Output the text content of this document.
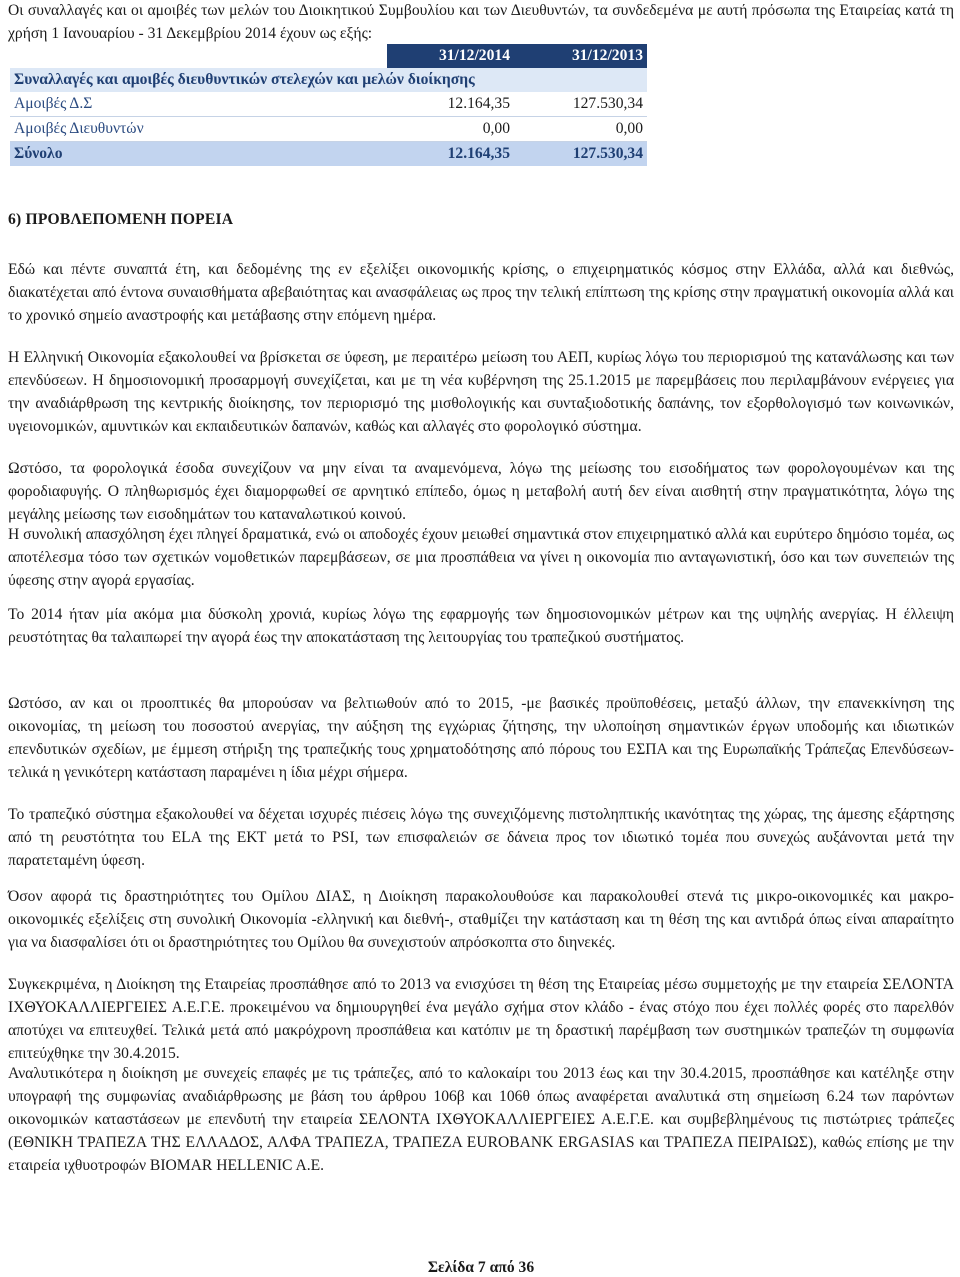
Οι συναλλαγές και οι αμοιβές των μελών του Διοικητικού Συμβουλίου και των Διευθυντών, τα συνδεδεμένα με αυτή πρόσωπα της Εταιρείας κατά τη χρήση 1 Ιανουαρίου - 31 Δεκεμβρίου 2014 έχουν ως εξής:

	31/12/2014	31/12/2013
Συναλλαγές και αμοιβές διευθυντικών στελεχών και μελών διοίκησης		
Αμοιβές Δ.Σ	12.164,35	127.530,34
Αμοιβές Διευθυντών	0,00	0,00
Σύνολο	12.164,35	127.530,34
6) ΠΡΟΒΛΕΠΟΜΕΝΗ ΠΟΡΕΙΑ

Εδώ και πέντε συναπτά έτη, και δεδομένης της εν εξελίξει οικονομικής κρίσης, ο επιχειρηματικός κόσμος στην Ελλάδα, αλλά και διεθνώς, διακατέχεται από έντονα συναισθήματα αβεβαιότητας και ανασφάλειας ως προς την τελική επίπτωση της κρίσης στην πραγματική οικονομία αλλά και το χρονικό σημείο αναστροφής και μετάβασης στην επόμενη ημέρα.

Η Ελληνική Οικονομία εξακολουθεί να βρίσκεται σε ύφεση, με περαιτέρω μείωση του ΑΕΠ, κυρίως λόγω του περιορισμού της κατανάλωσης και των επενδύσεων. Η δημοσιονομική προσαρμογή συνεχίζεται, και με τη νέα κυβέρνηση της 25.1.2015 με παρεμβάσεις που περιλαμβάνουν ενέργειες για την αναδιάρθρωση της κεντρικής διοίκησης, τον περιορισμό της μισθολογικής και συνταξιοδοτικής δαπάνης, τον εξορθολογισμό των κοινωνικών, υγειονομικών, αμυντικών και εκπαιδευτικών δαπανών, καθώς και αλλαγές στο φορολογικό σύστημα.

Ωστόσο, τα φορολογικά έσοδα συνεχίζουν να μην είναι τα αναμενόμενα, λόγω της μείωσης του εισοδήματος των φορολογουμένων και της φοροδιαφυγής. Ο πληθωρισμός έχει διαμορφωθεί σε αρνητικό επίπεδο, όμως η μεταβολή αυτή δεν είναι αισθητή στην πραγματικότητα, λόγω της μεγάλης μείωσης των εισοδημάτων του καταναλωτικού κοινού.

Η συνολική απασχόληση έχει πληγεί δραματικά, ενώ οι αποδοχές έχουν μειωθεί σημαντικά στον επιχειρηματικό αλλά και ευρύτερο δημόσιο τομέα, ως αποτέλεσμα τόσο των σχετικών νομοθετικών παρεμβάσεων, σε μια προσπάθεια να γίνει η οικονομία πιο ανταγωνιστική, όσο και των συνεπειών της ύφεσης στην αγορά εργασίας.

Το 2014 ήταν μία ακόμα μια δύσκολη χρονιά, κυρίως λόγω της εφαρμογής των δημοσιονομικών μέτρων και της υψηλής ανεργίας. Η έλλειψη ρευστότητας θα ταλαιπωρεί την αγορά έως την αποκατάσταση της λειτουργίας του τραπεζικού συστήματος.

Ωστόσο, αν και οι προοπτικές θα μπορούσαν να βελτιωθούν από το 2015, -με βασικές προϋποθέσεις, μεταξύ άλλων, την επανεκκίνηση της οικονομίας, τη μείωση του ποσοστού ανεργίας, την αύξηση της εγχώριας ζήτησης, την υλοποίηση σημαντικών έργων υποδομής και ιδιωτικών επενδυτικών σχεδίων, με έμμεση στήριξη της τραπεζικής τους χρηματοδότησης από πόρους του ΕΣΠΑ και της Ευρωπαϊκής Τράπεζας Επενδύσεων- τελικά η γενικότερη κατάσταση παραμένει η ίδια μέχρι σήμερα.

Το τραπεζικό σύστημα εξακολουθεί να δέχεται ισχυρές πιέσεις λόγω της συνεχιζόμενης πιστοληπτικής ικανότητας της χώρας, της άμεσης εξάρτησης από τη ρευστότητα του ELA της ΕΚΤ μετά το PSI, των επισφαλειών σε δάνεια προς τον ιδιωτικό τομέα που συνεχώς αυξάνονται μετά την παρατεταμένη ύφεση.

Όσον αφορά τις δραστηριότητες του Ομίλου ΔΙΑΣ, η Διοίκηση παρακολουθούσε και παρακολουθεί στενά τις μικρο-οικονομικές και μακρο-οικονομικές εξελίξεις στη συνολική Οικονομία -ελληνική και διεθνή-, σταθμίζει την κατάσταση και τη θέση της και αντιδρά όπως είναι απαραίτητο για να διασφαλίσει ότι οι δραστηριότητες του Ομίλου θα συνεχιστούν απρόσκοπτα στο διηνεκές.

Συγκεκριμένα, η Διοίκηση της Εταιρείας προσπάθησε από το 2013 να ενισχύσει τη θέση της Εταιρείας μέσω συμμετοχής με την εταιρεία ΣΕΛΟΝΤΑ ΙΧΘΥΟΚΑΛΛΙΕΡΓΕΙΕΣ Α.Ε.Γ.Ε. προκειμένου να δημιουργηθεί ένα μεγάλο σχήμα στον κλάδο - ένας στόχο που έχει πολλές φορές στο παρελθόν αποτύχει να επιτευχθεί. Τελικά μετά από μακρόχρονη προσπάθεια και κατόπιν με τη δραστική παρέμβαση των συστημικών τραπεζών τη συμφωνία επιτεύχθηκε την 30.4.2015.

Αναλυτικότερα η διοίκηση με συνεχείς επαφές με τις τράπεζες, από το καλοκαίρι του 2013 έως και την 30.4.2015, προσπάθησε και κατέληξε στην υπογραφή της συμφωνίας αναδιάρθρωσης με βάση του άρθρου 106β και 106θ όπως αναφέρεται αναλυτικά στη σημείωση 6.24 των παρόντων οικονομικών καταστάσεων με επενδυτή την εταιρεία ΣΕΛΟΝΤΑ ΙΧΘΥΟΚΑΛΛΙΕΡΓΕΙΕΣ Α.Ε.Γ.Ε. και συμβεβλημένους τις πιστώτριες τράπεζες (ΕΘΝΙΚΗ ΤΡΑΠΕΖΑ ΤΗΣ ΕΛΛΑΔΟΣ, ΑΛΦΑ ΤΡΑΠΕΖΑ, ΤΡΑΠΕΖΑ EUROBANK ERGASIAS και ΤΡΑΠΕΖΑ ΠΕΙΡΑΙΩΣ), καθώς επίσης με την εταιρεία ιχθυοτροφών BIOMAR HELLENIC A.E.

Σελίδα 7 από 36
